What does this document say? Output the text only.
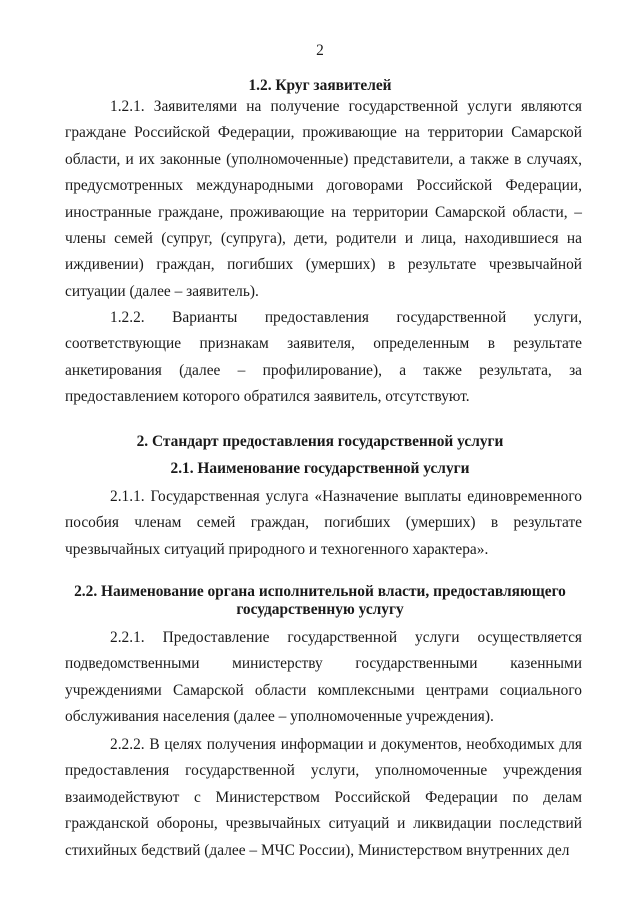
2
1.2. Круг заявителей
1.2.1. Заявителями на получение государственной услуги являются граждане Российской Федерации, проживающие на территории Самарской области, и их законные (уполномоченные) представители, а также в случаях, предусмотренных международными договорами Российской Федерации, иностранные граждане, проживающие на территории Самарской области, – члены семей (супруг, (супруга), дети, родители и лица, находившиеся на иждивении) граждан, погибших (умерших) в результате чрезвычайной ситуации (далее – заявитель).
1.2.2. Варианты предоставления государственной услуги, соответствующие признакам заявителя, определенным в результате анкетирования (далее – профилирование), а также результата, за предоставлением которого обратился заявитель, отсутствуют.
2. Стандарт предоставления государственной услуги
2.1. Наименование государственной услуги
2.1.1. Государственная услуга «Назначение выплаты единовременного пособия членам семей граждан, погибших (умерших) в результате чрезвычайных ситуаций природного и техногенного характера».
2.2. Наименование органа исполнительной власти, предоставляющего
государственную услугу
2.2.1. Предоставление государственной услуги осуществляется подведомственными министерству государственными казенными учреждениями Самарской области комплексными центрами социального обслуживания населения (далее – уполномоченные учреждения).
2.2.2. В целях получения информации и документов, необходимых для предоставления государственной услуги, уполномоченные учреждения взаимодействуют с Министерством Российской Федерации по делам гражданской обороны, чрезвычайных ситуаций и ликвидации последствий стихийных бедствий (далее – МЧС России), Министерством внутренних дел
